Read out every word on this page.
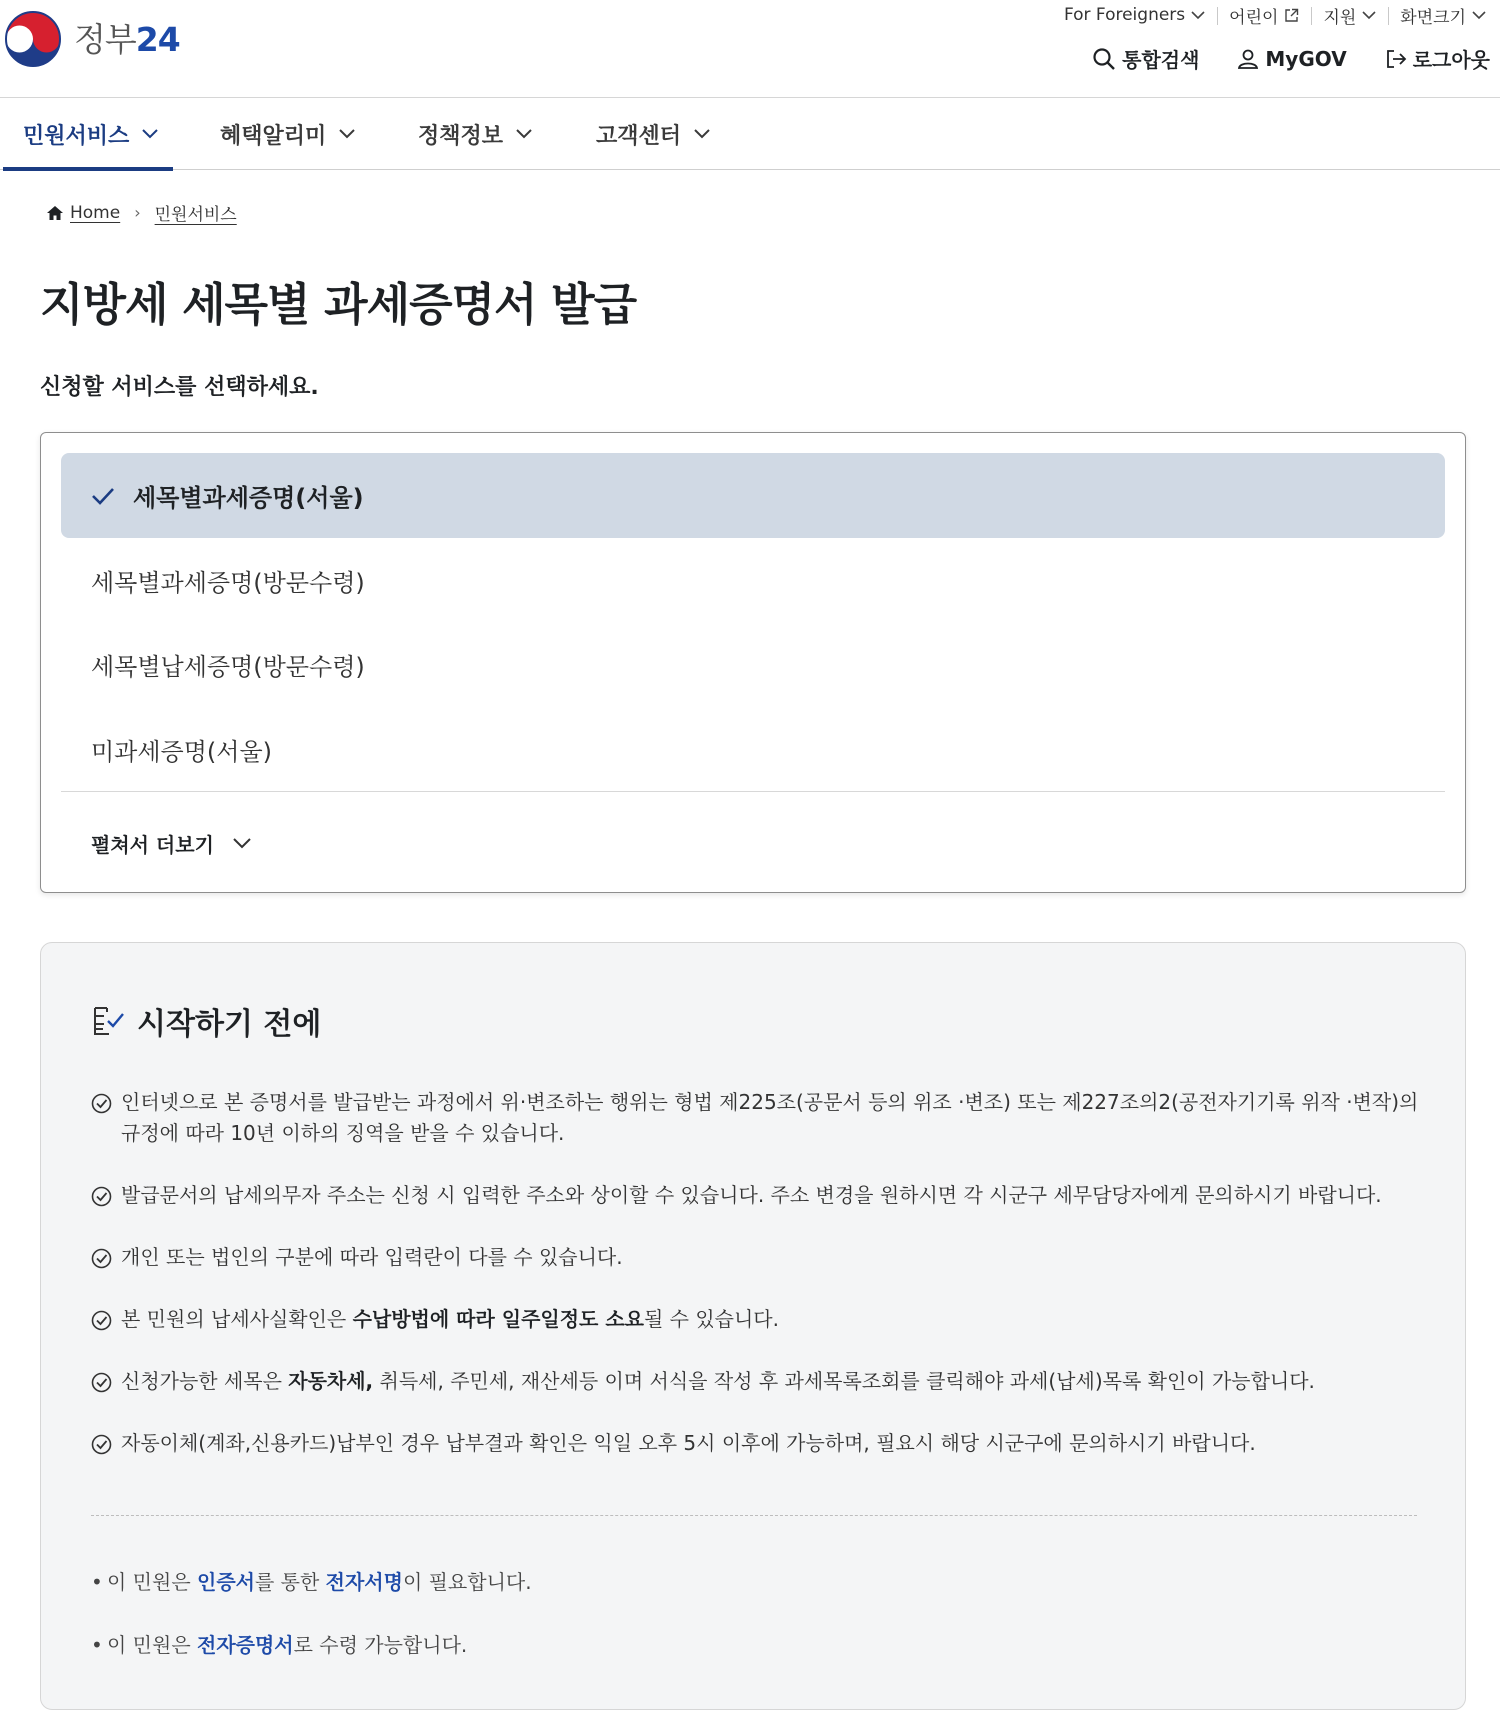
정부24
For Foreigners	어린이	지원	화면크기
통합검색	MyGOV	로그아웃
민원서비스	혜택알리미	정책정보	고객센터
Home › 민원서비스
지방세 세목별 과세증명서 발급
신청할 서비스를 선택하세요.
세목별과세증명(서울)
세목별과세증명(방문수령)
세목별납세증명(방문수령)
미과세증명(서울)
펼쳐서 더보기
시작하기 전에
인터넷으로 본 증명서를 발급받는 과정에서 위·변조하는 행위는 형법 제225조(공문서 등의 위조 ·변조) 또는 제227조의2(공전자기기록 위작 ·변작)의 규정에 따라 10년 이하의 징역을 받을 수 있습니다.
발급문서의 납세의무자 주소는 신청 시 입력한 주소와 상이할 수 있습니다. 주소 변경을 원하시면 각 시군구 세무담당자에게 문의하시기 바랍니다.
개인 또는 법인의 구분에 따라 입력란이 다를 수 있습니다.
본 민원의 납세사실확인은 수납방법에 따라 일주일정도 소요될 수 있습니다.
신청가능한 세목은 자동차세, 취득세, 주민세, 재산세등 이며 서식을 작성 후 과세목록조회를 클릭해야 과세(납세)목록 확인이 가능합니다.
자동이체(계좌,신용카드)납부인 경우 납부결과 확인은 익일 오후 5시 이후에 가능하며, 필요시 해당 시군구에 문의하시기 바랍니다.
• 이 민원은 인증서를 통한 전자서명이 필요합니다.
• 이 민원은 전자증명서로 수령 가능합니다.
